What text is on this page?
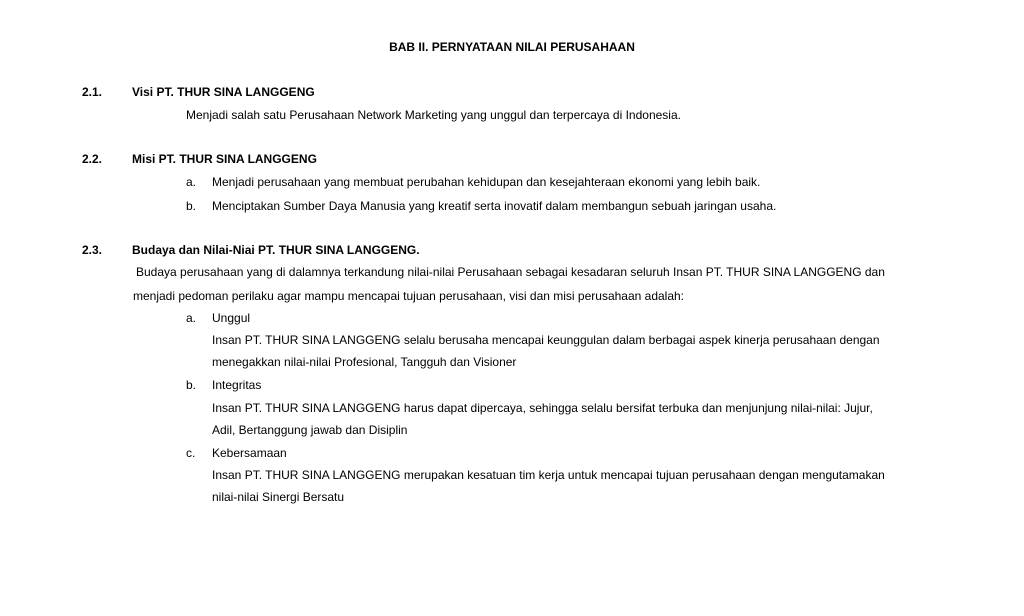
BAB II. PERNYATAAN NILAI PERUSAHAAN
2.1. Visi PT. THUR SINA LANGGENG
Menjadi salah satu Perusahaan Network Marketing yang unggul dan terpercaya di Indonesia.
2.2. Misi PT. THUR SINA LANGGENG
a. Menjadi perusahaan yang membuat perubahan kehidupan dan kesejahteraan ekonomi yang lebih baik.
b. Menciptakan Sumber Daya Manusia yang kreatif serta inovatif dalam membangun sebuah jaringan usaha.
2.3. Budaya dan Nilai-Niai PT. THUR SINA LANGGENG.
Budaya perusahaan yang di dalamnya terkandung nilai-nilai Perusahaan sebagai kesadaran seluruh Insan PT. THUR SINA LANGGENG dan
menjadi pedoman perilaku agar mampu mencapai tujuan perusahaan, visi dan misi perusahaan adalah:
a. Unggul
Insan PT. THUR SINA LANGGENG selalu berusaha mencapai keunggulan dalam berbagai aspek kinerja perusahaan dengan
menegakkan nilai-nilai Profesional, Tangguh dan Visioner
b. Integritas
Insan PT. THUR SINA LANGGENG harus dapat dipercaya, sehingga selalu bersifat terbuka dan menjunjung nilai-nilai: Jujur,
Adil, Bertanggung jawab dan Disiplin
c. Kebersamaan
Insan PT. THUR SINA LANGGENG merupakan kesatuan tim kerja untuk mencapai tujuan perusahaan dengan mengutamakan
nilai-nilai Sinergi Bersatu
